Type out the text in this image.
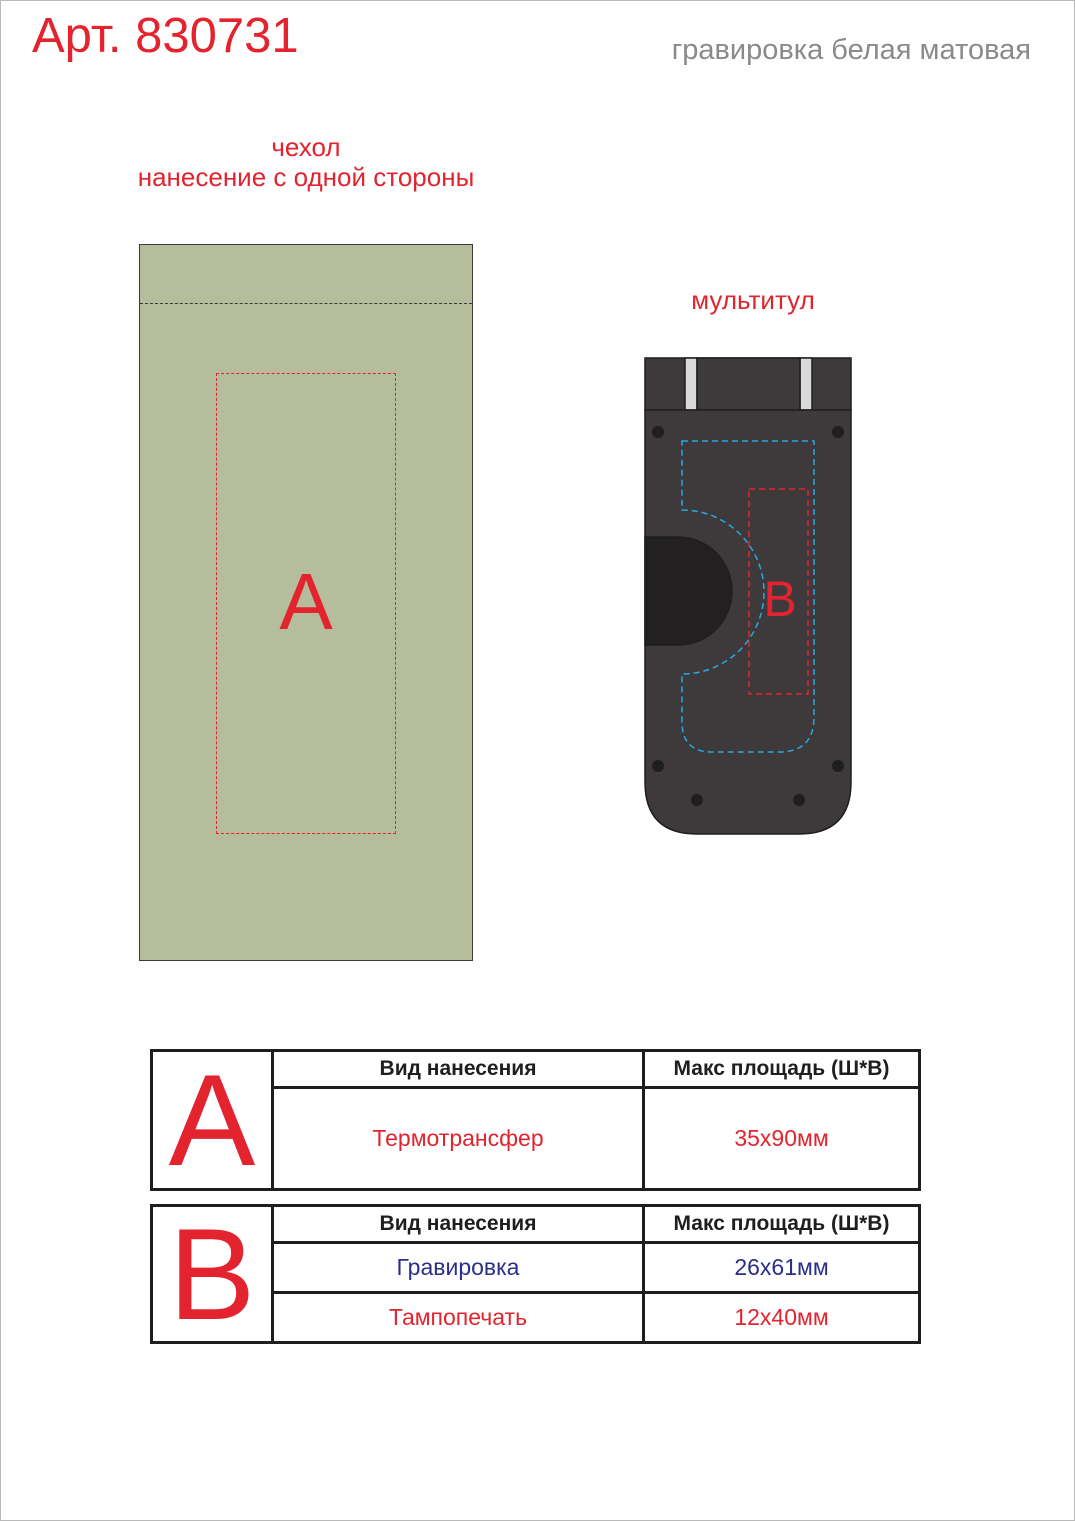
Арт. 830731	гравировка белая матовая
чехол
нанесение с одной стороны
A
мультитул
B
A	Вид нанесения	Макс площадь (Ш*В)
	Термотрансфер	35x90мм
B	Вид нанесения	Макс площадь (Ш*В)
	Гравировка	26x61мм
	Тампопечать	12x40мм
